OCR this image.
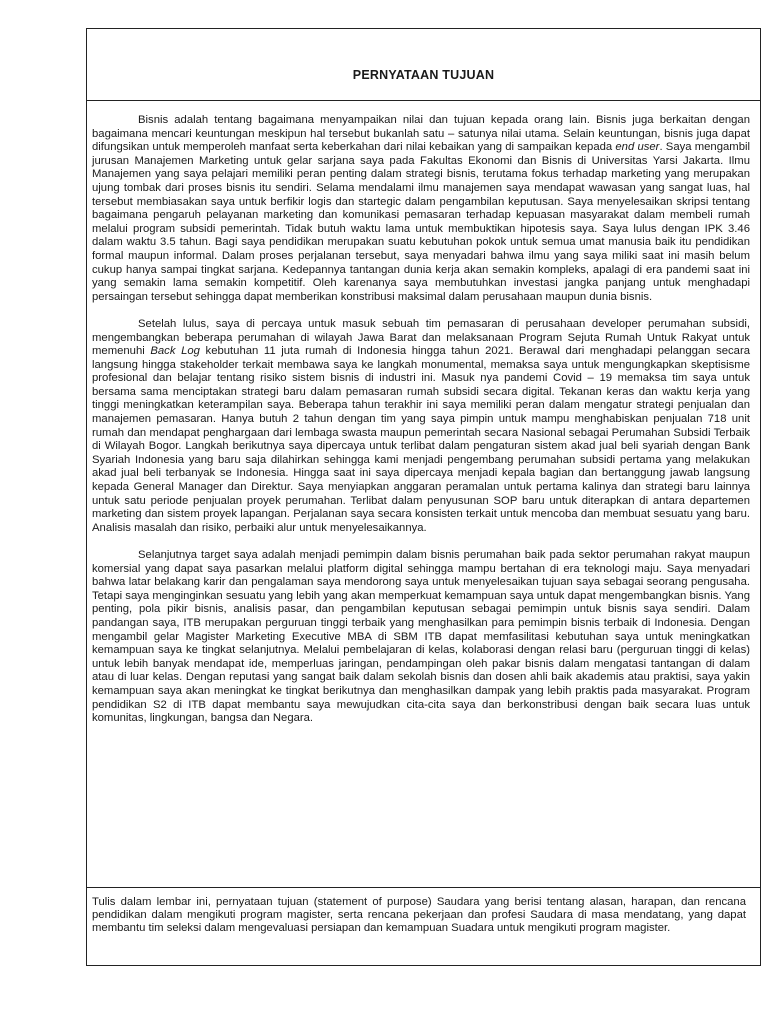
PERNYATAAN TUJUAN

Bisnis adalah tentang bagaimana menyampaikan nilai dan tujuan kepada orang lain. Bisnis juga berkaitan dengan bagaimana mencari keuntungan meskipun hal tersebut bukanlah satu – satunya nilai utama. Selain keuntungan, bisnis juga dapat difungsikan untuk memperoleh manfaat serta keberkahan dari nilai kebaikan yang di sampaikan kepada end user. Saya mengambil jurusan Manajemen Marketing untuk gelar sarjana saya pada Fakultas Ekonomi dan Bisnis di Universitas Yarsi Jakarta. Ilmu Manajemen yang saya pelajari memiliki peran penting dalam strategi bisnis, terutama fokus terhadap marketing yang merupakan ujung tombak dari proses bisnis itu sendiri. Selama mendalami ilmu manajemen saya mendapat wawasan yang sangat luas, hal tersebut membiasakan saya untuk berfikir logis dan startegic dalam pengambilan keputusan. Saya menyelesaikan skripsi tentang bagaimana pengaruh pelayanan marketing dan komunikasi pemasaran terhadap kepuasan masyarakat dalam membeli rumah melalui program subsidi pemerintah. Tidak butuh waktu lama untuk membuktikan hipotesis saya. Saya lulus dengan IPK 3.46 dalam waktu 3.5 tahun. Bagi saya pendidikan merupakan suatu kebutuhan pokok untuk semua umat manusia baik itu pendidikan formal maupun informal. Dalam proses perjalanan tersebut, saya menyadari bahwa ilmu yang saya miliki saat ini masih belum cukup hanya sampai tingkat sarjana. Kedepannya tantangan dunia kerja akan semakin kompleks, apalagi di era pandemi saat ini yang semakin lama semakin kompetitif. Oleh karenanya saya membutuhkan investasi jangka panjang untuk menghadapi persaingan tersebut sehingga dapat memberikan konstribusi maksimal dalam perusahaan maupun dunia bisnis.

Setelah lulus, saya di percaya untuk masuk sebuah tim pemasaran di perusahaan developer perumahan subsidi, mengembangkan beberapa perumahan di wilayah Jawa Barat dan melaksanaan Program Sejuta Rumah Untuk Rakyat untuk memenuhi Back Log kebutuhan 11 juta rumah di Indonesia hingga tahun 2021. Berawal dari menghadapi pelanggan secara langsung hingga stakeholder terkait membawa saya ke langkah monumental, memaksa saya untuk mengungkapkan skeptisisme profesional dan belajar tentang risiko sistem bisnis di industri ini. Masuk nya pandemi Covid – 19 memaksa tim saya untuk bersama sama menciptakan strategi baru dalam pemasaran rumah subsidi secara digital. Tekanan keras dan waktu kerja yang tinggi meningkatkan keterampilan saya. Beberapa tahun terakhir ini saya memiliki peran dalam mengatur strategi penjualan dan manajemen pemasaran. Hanya butuh 2 tahun dengan tim yang saya pimpin untuk mampu menghabiskan penjualan 718 unit rumah dan mendapat penghargaan dari lembaga swasta maupun pemerintah secara Nasional sebagai Perumahan Subsidi Terbaik di Wilayah Bogor. Langkah berikutnya saya dipercaya untuk terlibat dalam pengaturan sistem akad jual beli syariah dengan Bank Syariah Indonesia yang baru saja dilahirkan sehingga kami menjadi pengembang perumahan subsidi pertama yang melakukan akad jual beli terbanyak se Indonesia. Hingga saat ini saya dipercaya menjadi kepala bagian dan bertanggung jawab langsung kepada General Manager dan Direktur. Saya menyiapkan anggaran peramalan untuk pertama kalinya dan strategi baru lainnya untuk satu periode penjualan proyek perumahan. Terlibat dalam penyusunan SOP baru untuk diterapkan di antara departemen marketing dan sistem proyek lapangan. Perjalanan saya secara konsisten terkait untuk mencoba dan membuat sesuatu yang baru. Analisis masalah dan risiko, perbaiki alur untuk menyelesaikannya.

Selanjutnya target saya adalah menjadi pemimpin dalam bisnis perumahan baik pada sektor perumahan rakyat maupun komersial yang dapat saya pasarkan melalui platform digital sehingga mampu bertahan di era teknologi maju. Saya menyadari bahwa latar belakang karir dan pengalaman saya mendorong saya untuk menyelesaikan tujuan saya sebagai seorang pengusaha. Tetapi saya menginginkan sesuatu yang lebih yang akan memperkuat kemampuan saya untuk dapat mengembangkan bisnis. Yang penting, pola pikir bisnis, analisis pasar, dan pengambilan keputusan sebagai pemimpin untuk bisnis saya sendiri. Dalam pandangan saya, ITB merupakan perguruan tinggi terbaik yang menghasilkan para pemimpin bisnis terbaik di Indonesia. Dengan mengambil gelar Magister Marketing Executive MBA di SBM ITB dapat memfasilitasi kebutuhan saya untuk meningkatkan kemampuan saya ke tingkat selanjutnya. Melalui pembelajaran di kelas, kolaborasi dengan relasi baru (perguruan tinggi di kelas) untuk lebih banyak mendapat ide, memperluas jaringan, pendampingan oleh pakar bisnis dalam mengatasi tantangan di dalam atau di luar kelas. Dengan reputasi yang sangat baik dalam sekolah bisnis dan dosen ahli baik akademis atau praktisi, saya yakin kemampuan saya akan meningkat ke tingkat berikutnya dan menghasilkan dampak yang lebih praktis pada masyarakat. Program pendidikan S2 di ITB dapat membantu saya mewujudkan cita-cita saya dan berkonstribusi dengan baik secara luas untuk komunitas, lingkungan, bangsa dan Negara.

Tulis dalam lembar ini, pernyataan tujuan (statement of purpose) Saudara yang berisi tentang alasan, harapan, dan rencana pendidikan dalam mengikuti program magister, serta rencana pekerjaan dan profesi Saudara di masa mendatang, yang dapat membantu tim seleksi dalam mengevaluasi persiapan dan kemampuan Suadara untuk mengikuti program magister.
